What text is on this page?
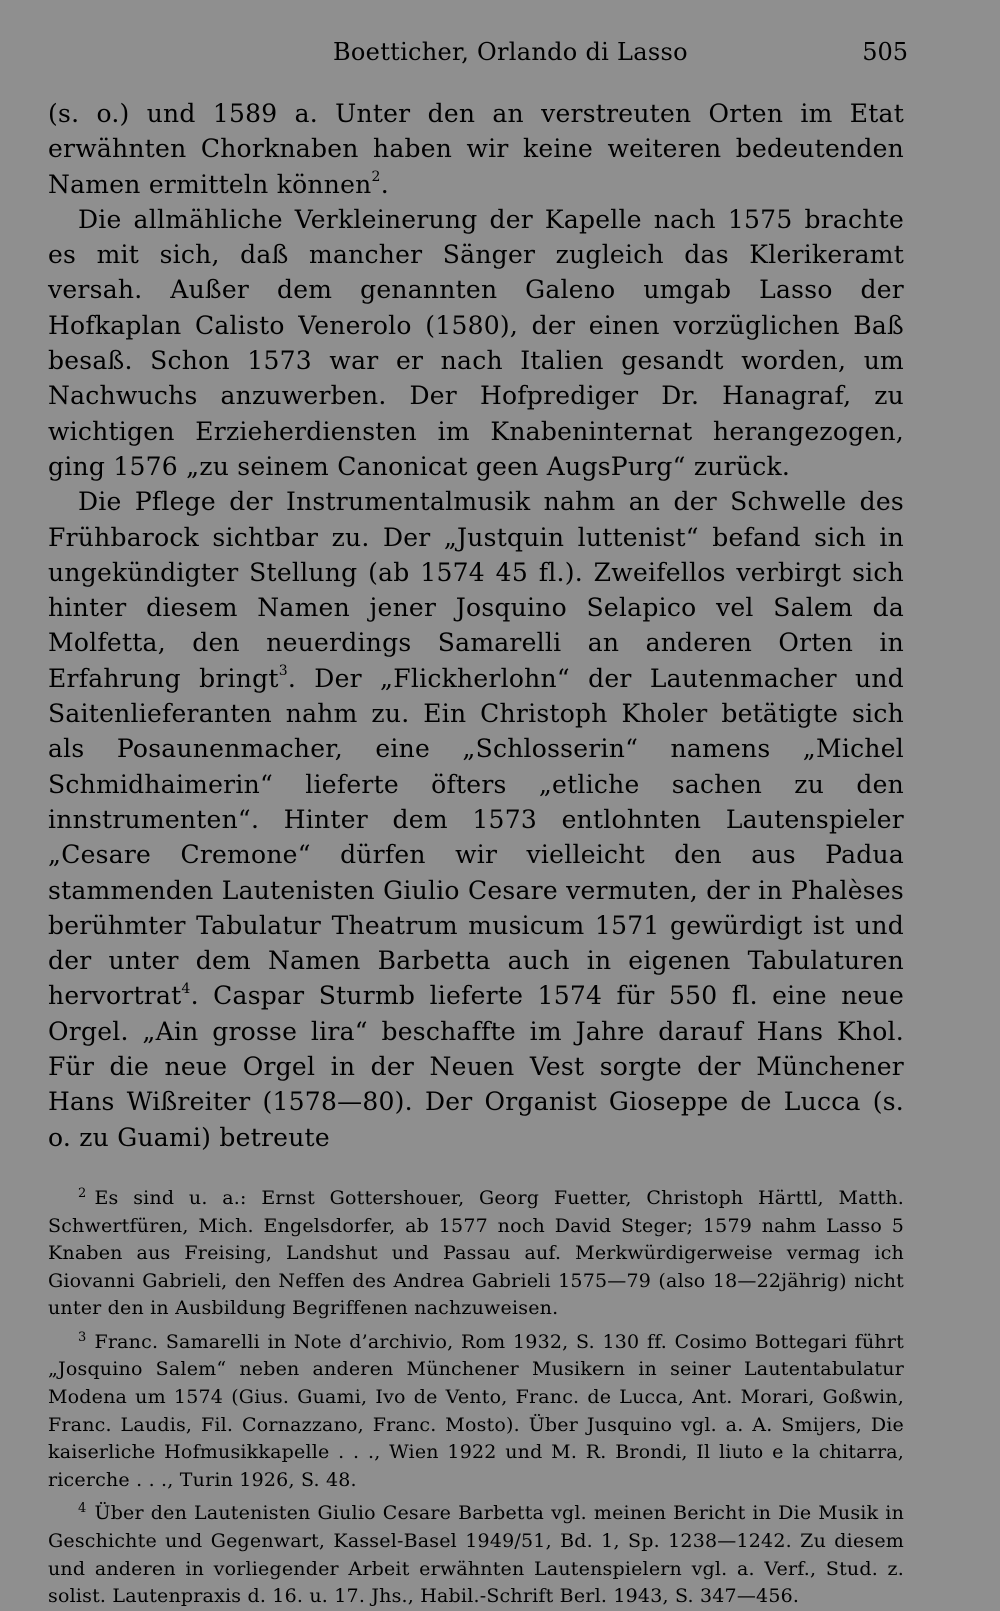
Boetticher, Orlando di Lasso	505

(s. o.) und 1589 a. Unter den an verstreuten Orten im Etat erwähnten Chorknaben haben wir keine weiteren bedeutenden Namen ermitteln können$^2$.

Die allmähliche Verkleinerung der Kapelle nach 1575 brachte es mit sich, daß mancher Sänger zugleich das Klerikeramt versah. Außer dem genannten Galeno umgab Lasso der Hofkaplan Calisto Venerolo (1580), der einen vorzüglichen Baß besaß. Schon 1573 war er nach Italien gesandt worden, um Nachwuchs anzuwerben. Der Hofprediger Dr. Hanagraf, zu wichtigen Erzieherdiensten im Knabeninternat herangezogen, ging 1576 „zu seinem Canonicat geen AugsPurg“ zurück.

Die Pflege der Instrumentalmusik nahm an der Schwelle des Frühbarock sichtbar zu. Der „Justquin luttenist“ befand sich in ungekündigter Stellung (ab 1574 45 fl.). Zweifellos verbirgt sich hinter diesem Namen jener Josquino Selapico vel Salem da Molfetta, den neuerdings Samarelli an anderen Orten in Erfahrung bringt$^3$. Der „Flickherlohn“ der Lautenmacher und Saitenlieferanten nahm zu. Ein Christoph Kholer betätigte sich als Posaunenmacher, eine „Schlosserin“ namens „Michel Schmidhaimerin“ lieferte öfters „etliche sachen zu den innstrumenten“. Hinter dem 1573 entlohnten Lautenspieler „Cesare Cremone“ dürfen wir vielleicht den aus Padua stammenden Lautenisten Giulio Cesare vermuten, der in Phalèses berühmter Tabulatur Theatrum musicum 1571 gewürdigt ist und der unter dem Namen Barbetta auch in eigenen Tabulaturen hervortrat$^4$. Caspar Sturmb lieferte 1574 für 550 fl. eine neue Orgel. „Ain grosse lira“ beschaffte im Jahre darauf Hans Khol. Für die neue Orgel in der Neuen Vest sorgte der Münchener Hans Wißreiter (1578—80). Der Organist Gioseppe de Lucca (s. o. zu Guami) betreute

$^2$ Es sind u. a.: Ernst Gottershouer, Georg Fuetter, Christoph Härttl, Matth. Schwertfüren, Mich. Engelsdorfer, ab 1577 noch David Steger; 1579 nahm Lasso 5 Knaben aus Freising, Landshut und Passau auf. Merkwürdigerweise vermag ich Giovanni Gabrieli, den Neffen des Andrea Gabrieli 1575—79 (also 18—22jährig) nicht unter den in Ausbildung Begriffenen nachzuweisen.

$^3$ Franc. Samarelli in Note d’archivio, Rom 1932, S. 130 ff. Cosimo Bottegari führt „Josquino Salem“ neben anderen Münchener Musikern in seiner Lautentabulatur Modena um 1574 (Gius. Guami, Ivo de Vento, Franc. de Lucca, Ant. Morari, Goßwin, Franc. Laudis, Fil. Cornazzano, Franc. Mosto). Über Jusquino vgl. a. A. Smijers, Die kaiserliche Hofmusikkapelle . . ., Wien 1922 und M. R. Brondi, Il liuto e la chitarra, ricerche . . ., Turin 1926, S. 48.

$^4$ Über den Lautenisten Giulio Cesare Barbetta vgl. meinen Bericht in Die Musik in Geschichte und Gegenwart, Kassel-Basel 1949/51, Bd. 1, Sp. 1238—1242. Zu diesem und anderen in vorliegender Arbeit erwähnten Lautenspielern vgl. a. Verf., Stud. z. solist. Lautenpraxis d. 16. u. 17. Jhs., Habil.-Schrift Berl. 1943, S. 347—456.
